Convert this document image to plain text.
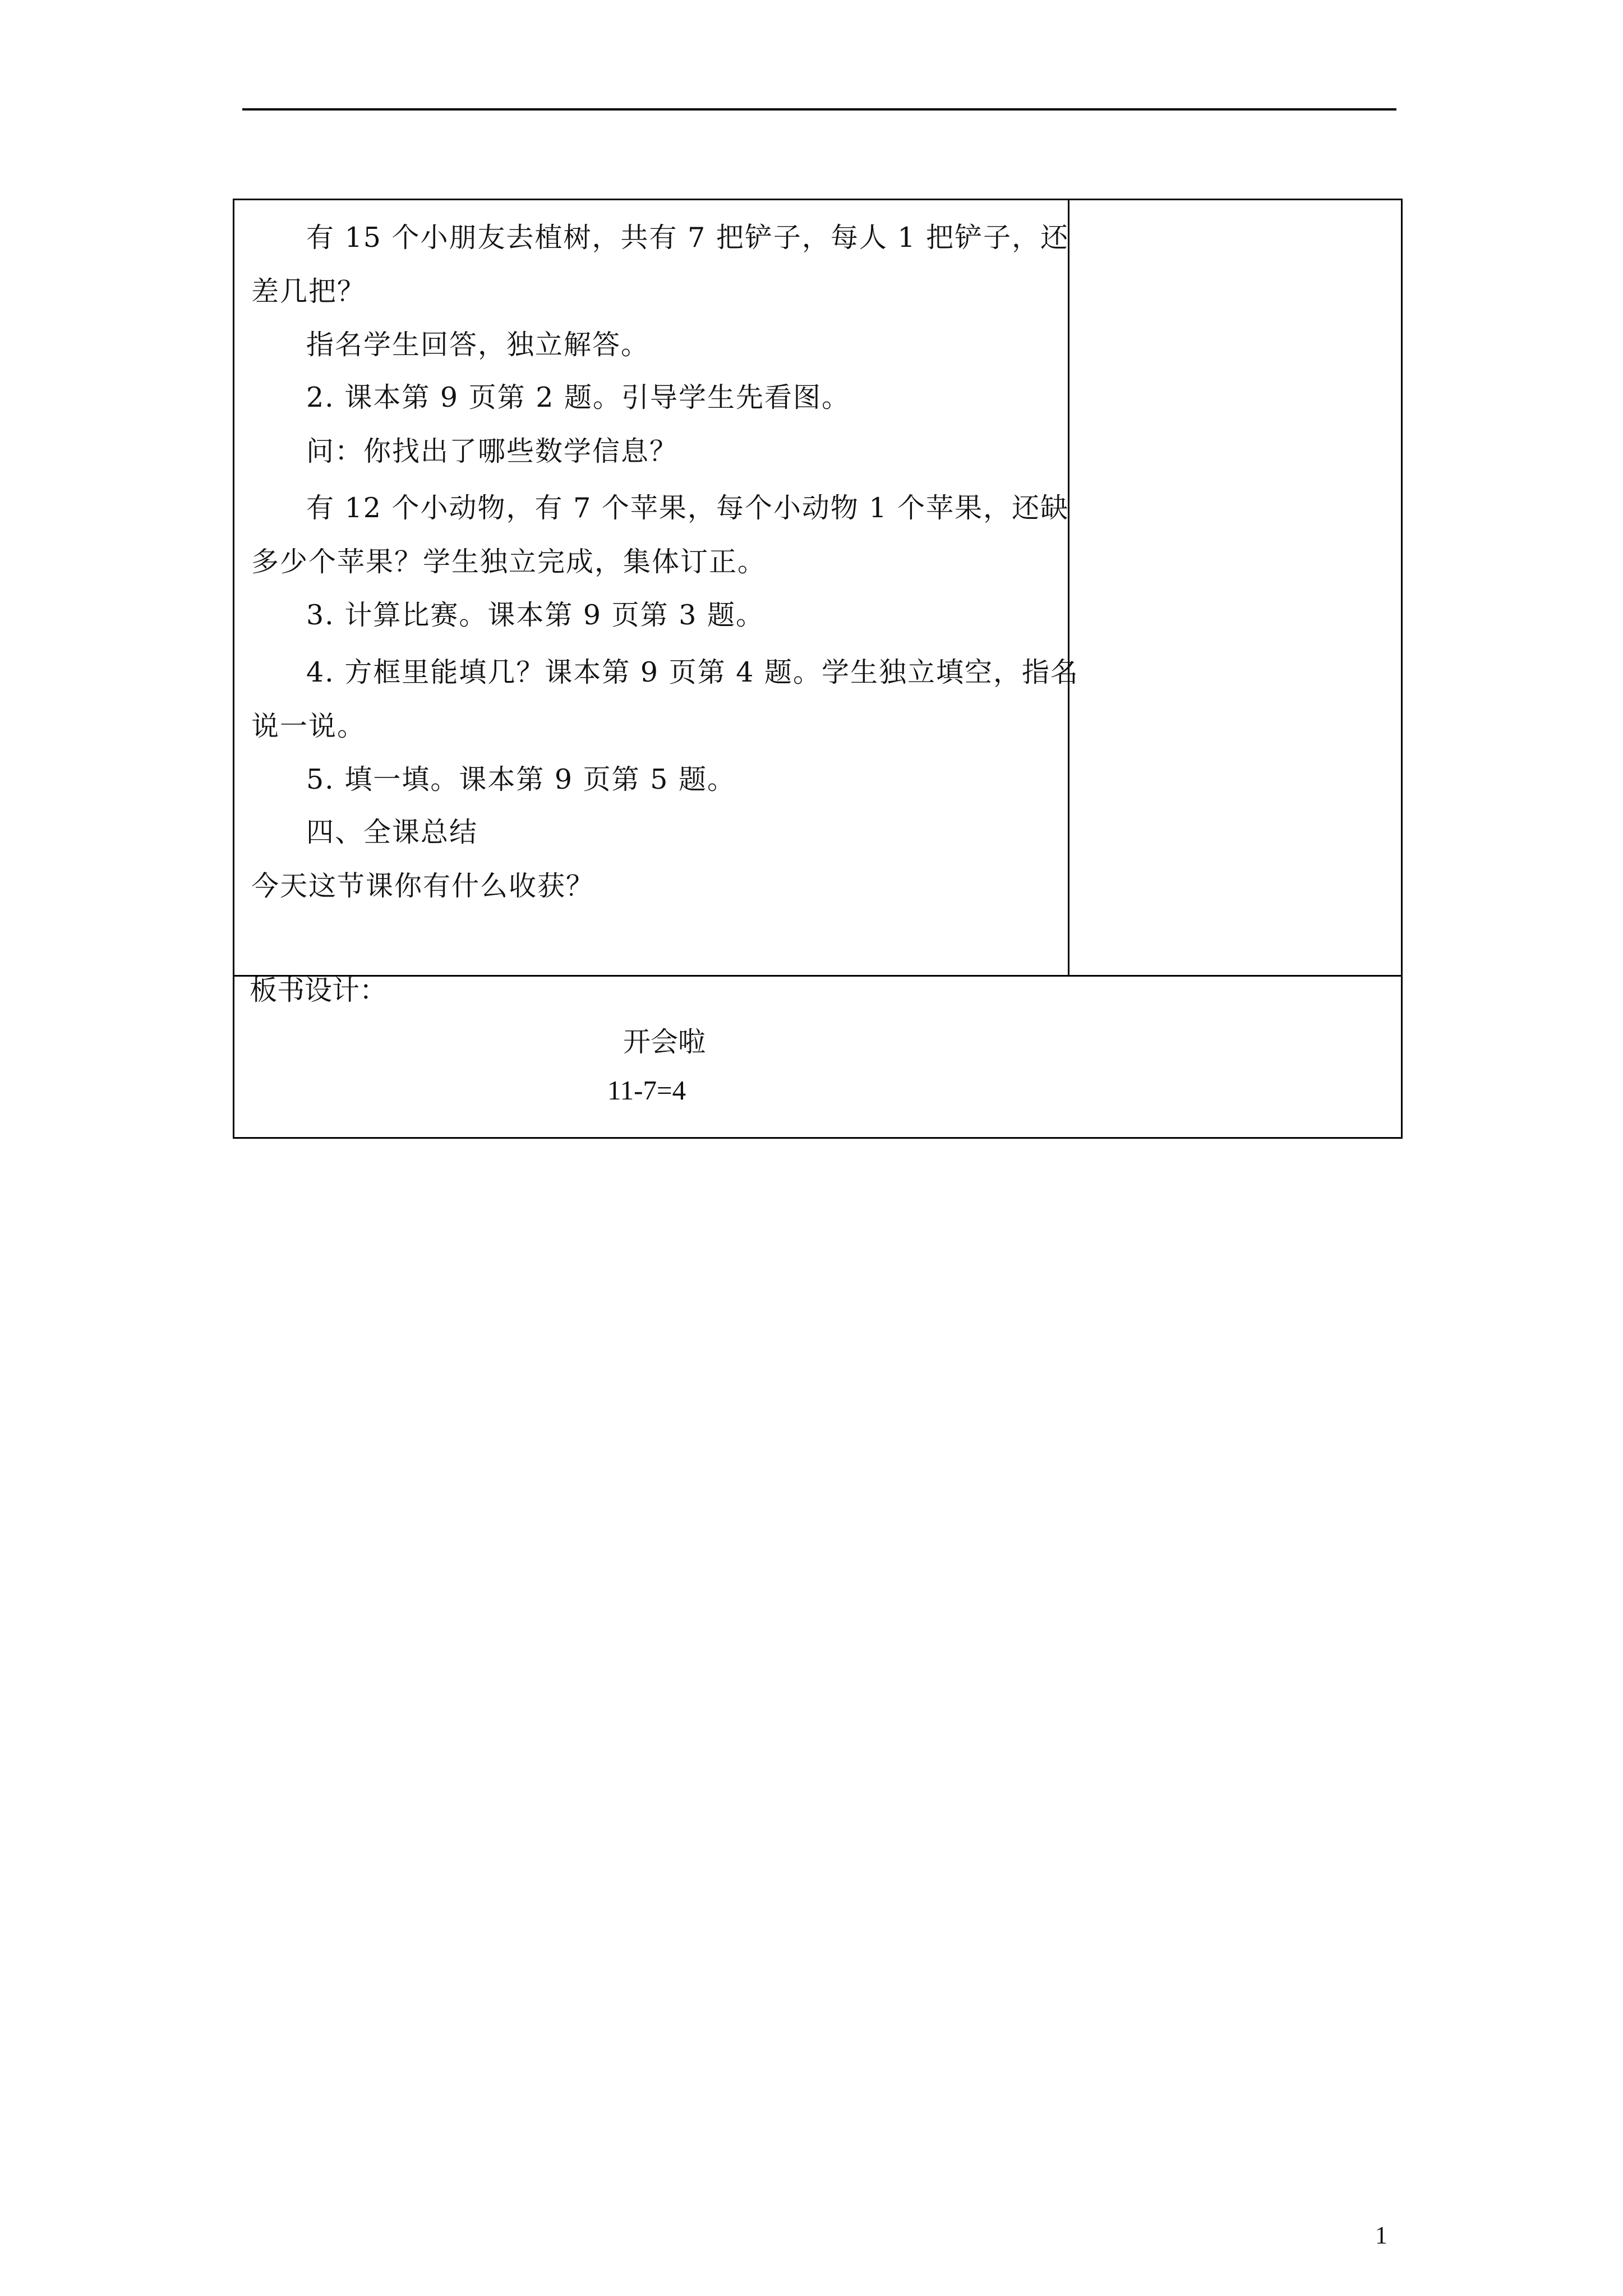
有 15 个小朋友去植树，共有 7 把铲子，每人 1 把铲子，还
差几把？
指名学生回答，独立解答。
2. 课本第 9 页第 2 题。引导学生先看图。
问：你找出了哪些数学信息？
有 12 个小动物，有 7 个苹果，每个小动物 1 个苹果，还缺
多少个苹果？学生独立完成，集体订正。
3. 计算比赛。课本第 9 页第 3 题。
4. 方框里能填几？课本第 9 页第 4 题。学生独立填空，指名
说一说。
5. 填一填。课本第 9 页第 5 题。
四、全课总结
今天这节课你有什么收获？
板书设计：
开会啦
11-7=4
1
